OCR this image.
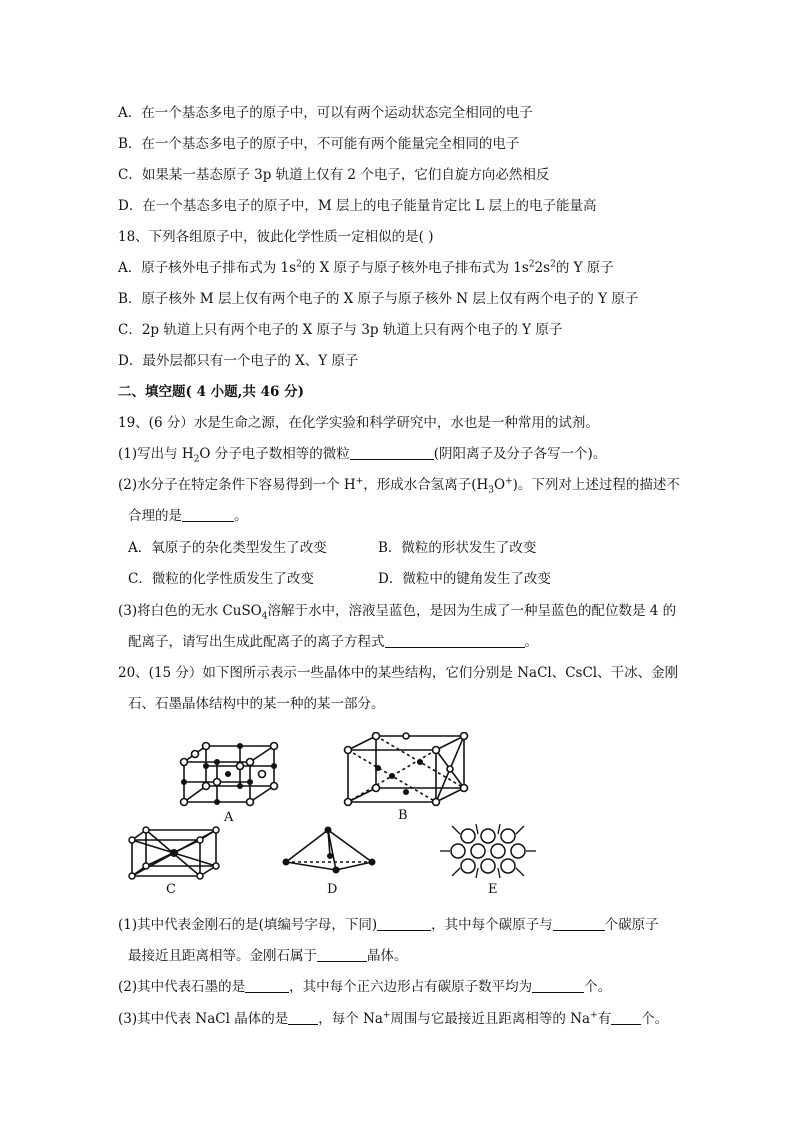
A．在一个基态多电子的原子中，可以有两个运动状态完全相同的电子
B．在一个基态多电子的原子中，不可能有两个能量完全相同的电子
C．如果某一基态原子 3p 轨道上仅有 2 个电子，它们自旋方向必然相反
D．在一个基态多电子的原子中，M 层上的电子能量肯定比 L 层上的电子能量高
18、下列各组原子中，彼此化学性质一定相似的是( )
A．原子核外电子排布式为 $1s^2$的 X 原子与原子核外电子排布式为 $1s^22s^2$的 Y 原子
B．原子核外 M 层上仅有两个电子的 X 原子与原子核外 N 层上仅有两个电子的 Y 原子
C．2p 轨道上只有两个电子的 X 原子与 3p 轨道上只有两个电子的 Y 原子
D．最外层都只有一个电子的 X、Y 原子
二、填空题( 4 小题,共 46 分)
19、(6 分）水是生命之源，在化学实验和科学研究中，水也是一种常用的试剂。
(1)写出与 $H_2O$ 分子电子数相等的微粒	(阴阳离子及分子各写一个)。
(2)水分子在特定条件下容易得到一个 H+，形成水合氢离子$(H_3O^+)$。下列对上述过程的描述不
合理的是	。
A．氧原子的杂化类型发生了改变	B．微粒的形状发生了改变
C．微粒的化学性质发生了改变	D．微粒中的键角发生了改变
(3)将白色的无水 CuSO$_4$溶解于水中，溶液呈蓝色，是因为生成了一种呈蓝色的配位数是 4 的
配离子，请写出生成此配离子的离子方程式	。
20、(15 分）如下图所示表示一些晶体中的某些结构，它们分别是 NaCl、CsCl、干冰、金刚
石、石墨晶体结构中的某一种的某一部分。
A	B
C	D	E
(1)其中代表金刚石的是(填编号字母，下同)	，其中每个碳原子与	个碳原子
最接近且距离相等。金刚石属于	晶体。
(2)其中代表石墨的是	，其中每个正六边形占有碳原子数平均为	个。
(3)其中代表 NaCl 晶体的是 ，每个 Na+周围与它最接近且距离相等的 Na+有 个。
